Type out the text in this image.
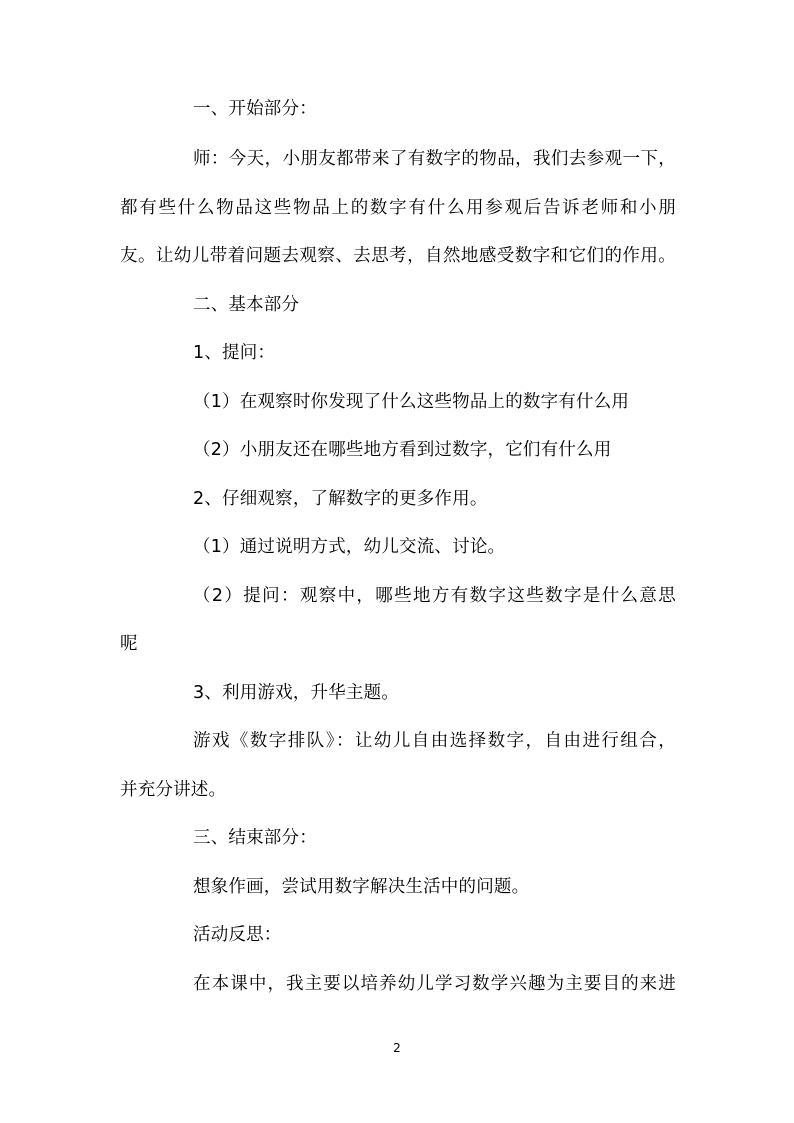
一、开始部分：
师：今天，小朋友都带来了有数字的物品，我们去参观一下，
都有些什么物品这些物品上的数字有什么用参观后告诉老师和小朋
友。让幼儿带着问题去观察、去思考，自然地感受数字和它们的作用。
二、基本部分
1、提问：
（1）在观察时你发现了什么这些物品上的数字有什么用
（2）小朋友还在哪些地方看到过数字，它们有什么用
2、仔细观察，了解数字的更多作用。
（1）通过说明方式，幼儿交流、讨论。
（2）提问：观察中，哪些地方有数字这些数字是什么意思
呢
3、利用游戏，升华主题。
游戏《数字排队》：让幼儿自由选择数字，自由进行组合，
并充分讲述。
三、结束部分：
想象作画，尝试用数字解决生活中的问题。
活动反思：
在本课中，我主要以培养幼儿学习数学兴趣为主要目的来进
2
